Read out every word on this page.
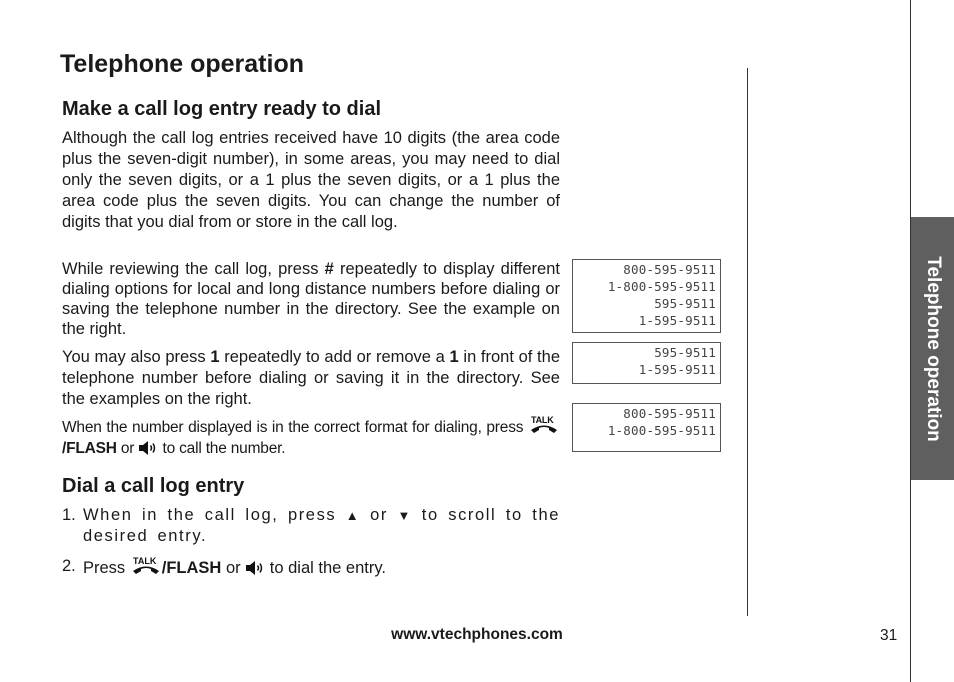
Telephone operation
Telephone operation
Make a call log entry ready to dial

Although the call log entries received have 10 digits (the area code plus the seven-digit number), in some areas, you may need to dial only the seven digits, or a 1 plus the seven digits, or a 1 plus the area code plus the seven digits. You can change the number of digits that you dial from or store in the call log.

While reviewing the call log, press # repeatedly to display different dialing options for local and long distance numbers before dialing or saving the telephone number in the directory. See the example on the right.

You may also press 1 repeatedly to add or remove a 1 in front of the telephone number before dialing or saving it in the directory. See the examples on the right.

When the number displayed is in the correct format for dialing, press TALK
/FLASH or  to call the number.

Dial a call log entry
1. When in the call log, press ▲ or ▼ to scroll to the desired entry.
2. Press TALK /FLASH or  to dial the entry.
800-595-9511
1-800-595-9511
595-9511
1-595-9511
595-9511
1-595-9511
800-595-9511
1-800-595-9511
www.vtechphones.com	31
